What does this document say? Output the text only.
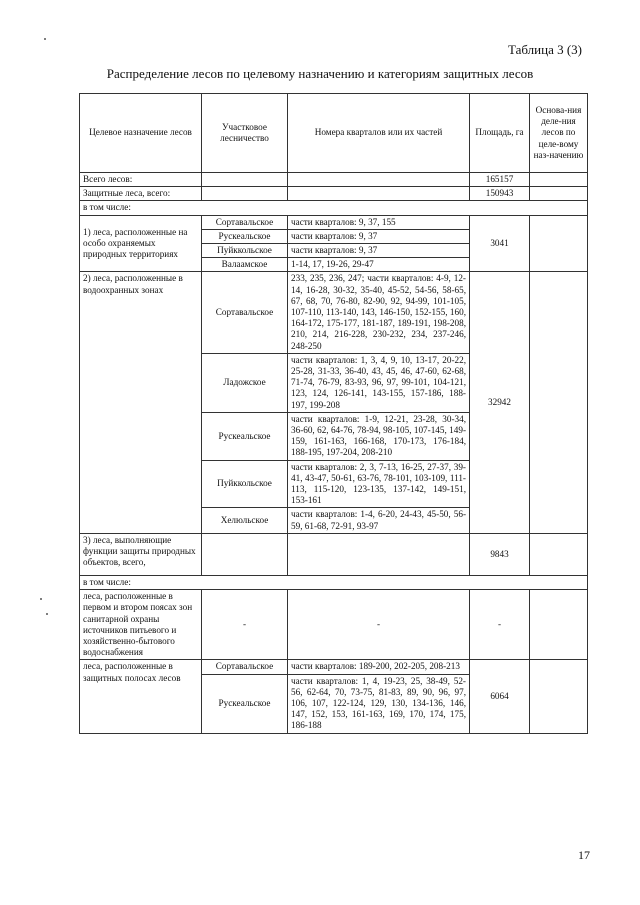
Таблица 3 (3)
Распределение лесов по целевому назначению и категориям защитных лесов
Целевое назначение лесов	Участковое лесничество	Номера кварталов или их частей	Площадь, га	Основа-ния деле-ния лесов по целе-вому наз-начению
Всего лесов:			165157	
Защитные леса, всего:			150943	
в том числе:				
1) леса, расположенные на особо охраняемых природных территориях	Сортавальское	части кварталов: 9, 37, 155	3041	
	Рускеальское	части кварталов: 9, 37		
	Пуйккольское	части кварталов: 9, 37		
	Валаамское	1-14, 17, 19-26, 29-47		
2) леса, расположенные в водоохранных зонах	Сортавальское	233, 235, 236, 247; части кварталов: 4-9, 12-14, 16-28, 30-32, 35-40, 45-52, 54-56, 58-65, 67, 68, 70, 76-80, 82-90, 92, 94-99, 101-105, 107-110, 113-140, 143, 146-150, 152-155, 160, 164-172, 175-177, 181-187, 189-191, 198-208, 210, 214, 216-228, 230-232, 234, 237-246, 248-250	32942	
	Ладожское	части кварталов: 1, 3, 4, 9, 10, 13-17, 20-22, 25-28, 31-33, 36-40, 43, 45, 46, 47-60, 62-68, 71-74, 76-79, 83-93, 96, 97, 99-101, 104-121, 123, 124, 126-141, 143-155, 157-186, 188-197, 199-208		
	Рускеальское	части кварталов: 1-9, 12-21, 23-28, 30-34, 36-60, 62, 64-76, 78-94, 98-105, 107-145, 149-159, 161-163, 166-168, 170-173, 176-184, 188-195, 197-204, 208-210		
	Пуйккольское	части кварталов: 2, 3, 7-13, 16-25, 27-37, 39-41, 43-47, 50-61, 63-76, 78-101, 103-109, 111-113, 115-120, 123-135, 137-142, 149-151, 153-161		
	Хелюльское	части кварталов: 1-4, 6-20, 24-43, 45-50, 56-59, 61-68, 72-91, 93-97		
3) леса, выполняющие функции защиты природных объектов, всего,			9843	
в том числе:				
леса, расположенные в первом и втором поясах зон санитарной охраны источников питьевого и хозяйственно-бытового водоснабжения	-	-	-	
леса, расположенные в защитных полосах лесов	Сортавальское	части кварталов: 189-200, 202-205, 208-213	6064	
	Рускеальское	части кварталов: 1, 4, 19-23, 25, 38-49, 52-56, 62-64, 70, 73-75, 81-83, 89, 90, 96, 97, 106, 107, 122-124, 129, 130, 134-136, 146, 147, 152, 153, 161-163, 169, 170, 174, 175, 186-188		
17
